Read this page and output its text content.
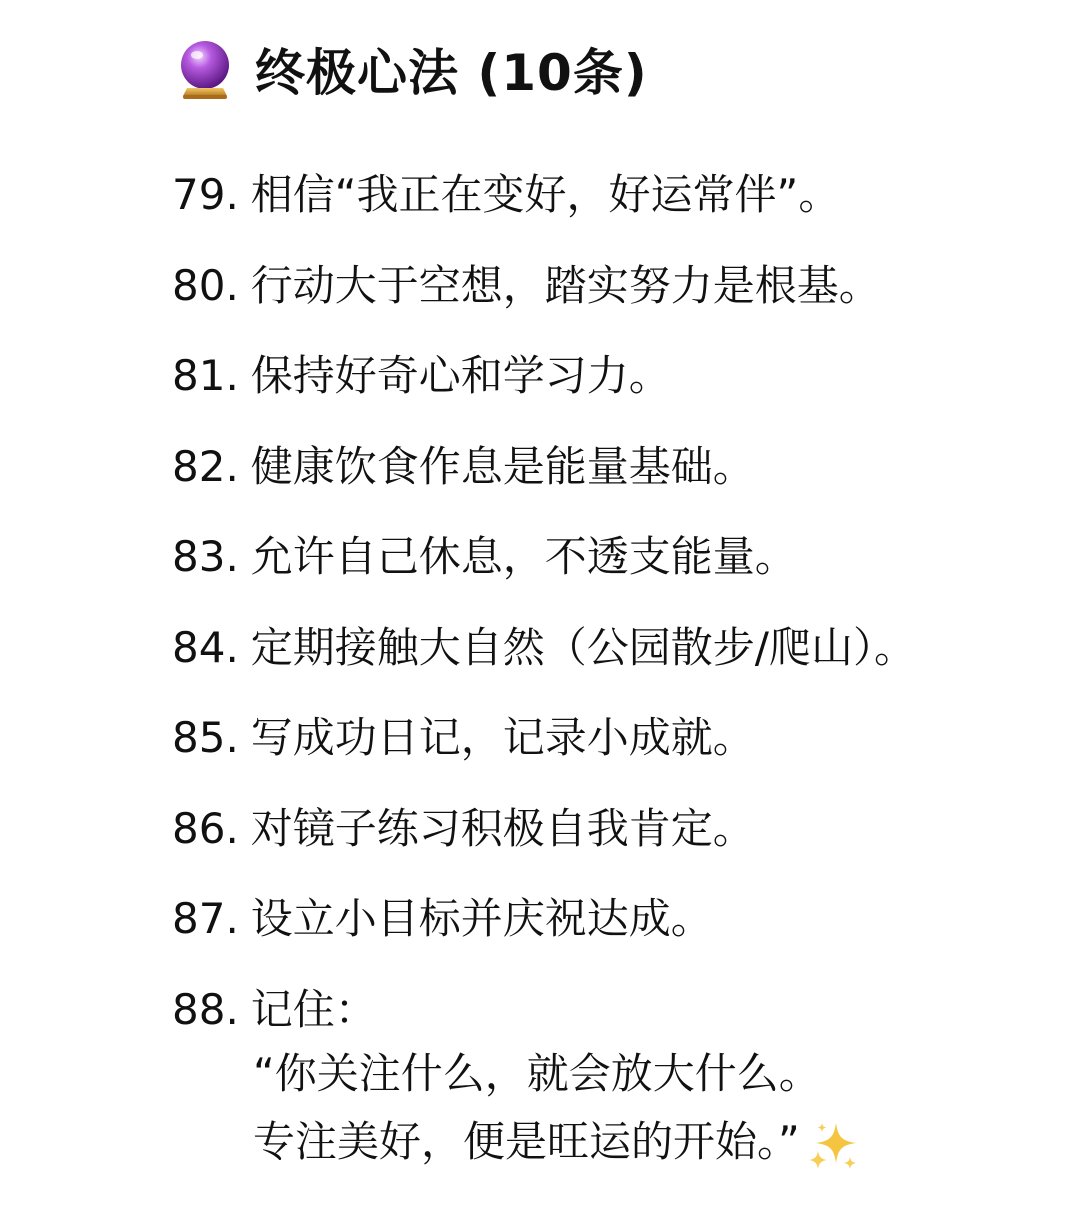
终极心法 (10条)
79. 相信“我正在变好，好运常伴”。
80. 行动大于空想，踏实努力是根基。
81. 保持好奇心和学习力。
82. 健康饮食作息是能量基础。
83. 允许自己休息，不透支能量。
84. 定期接触大自然（公园散步/爬山）。
85. 写成功日记，记录小成就。
86. 对镜子练习积极自我肯定。
87. 设立小目标并庆祝达成。
88. 记住：
“你关注什么，就会放大什么。
专注美好，便是旺运的开始。”
